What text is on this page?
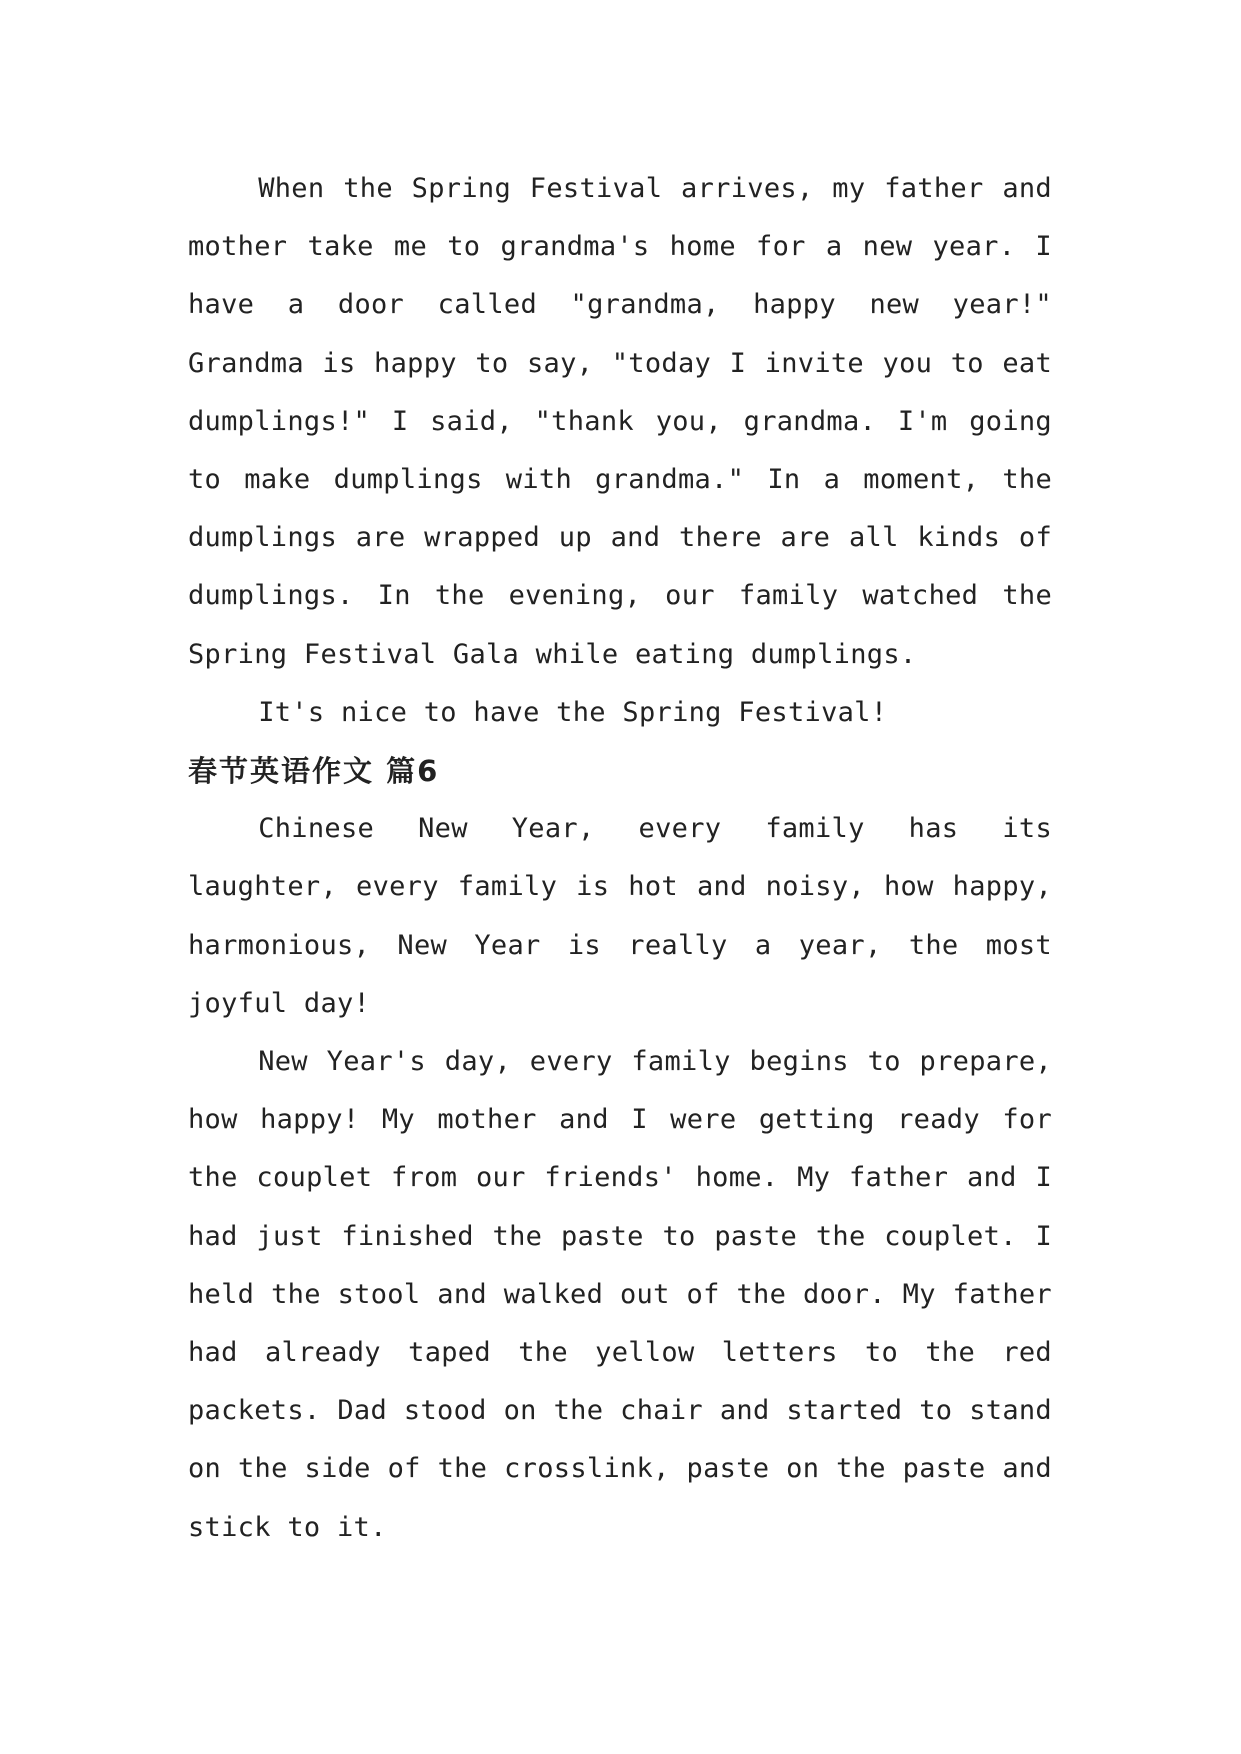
When the Spring Festival arrives, my father and mother take me to grandma's home for a new year. I have a door called "grandma, happy new year!" Grandma is happy to say, "today I invite you to eat dumplings!" I said, "thank you, grandma. I'm going to make dumplings with grandma." In a moment, the dumplings are wrapped up and there are all kinds of dumplings. In the evening, our family watched the Spring Festival Gala while eating dumplings.

It's nice to have the Spring Festival!

春节英语作文 篇6

Chinese New Year, every family has its laughter, every family is hot and noisy, how happy, harmonious, New Year is really a year, the most joyful day!

New Year's day, every family begins to prepare, how happy! My mother and I were getting ready for the couplet from our friends' home. My father and I had just finished the paste to paste the couplet. I held the stool and walked out of the door. My father had already taped the yellow letters to the red packets. Dad stood on the chair and started to stand on the side of the crosslink, paste on the paste and stick to it.
